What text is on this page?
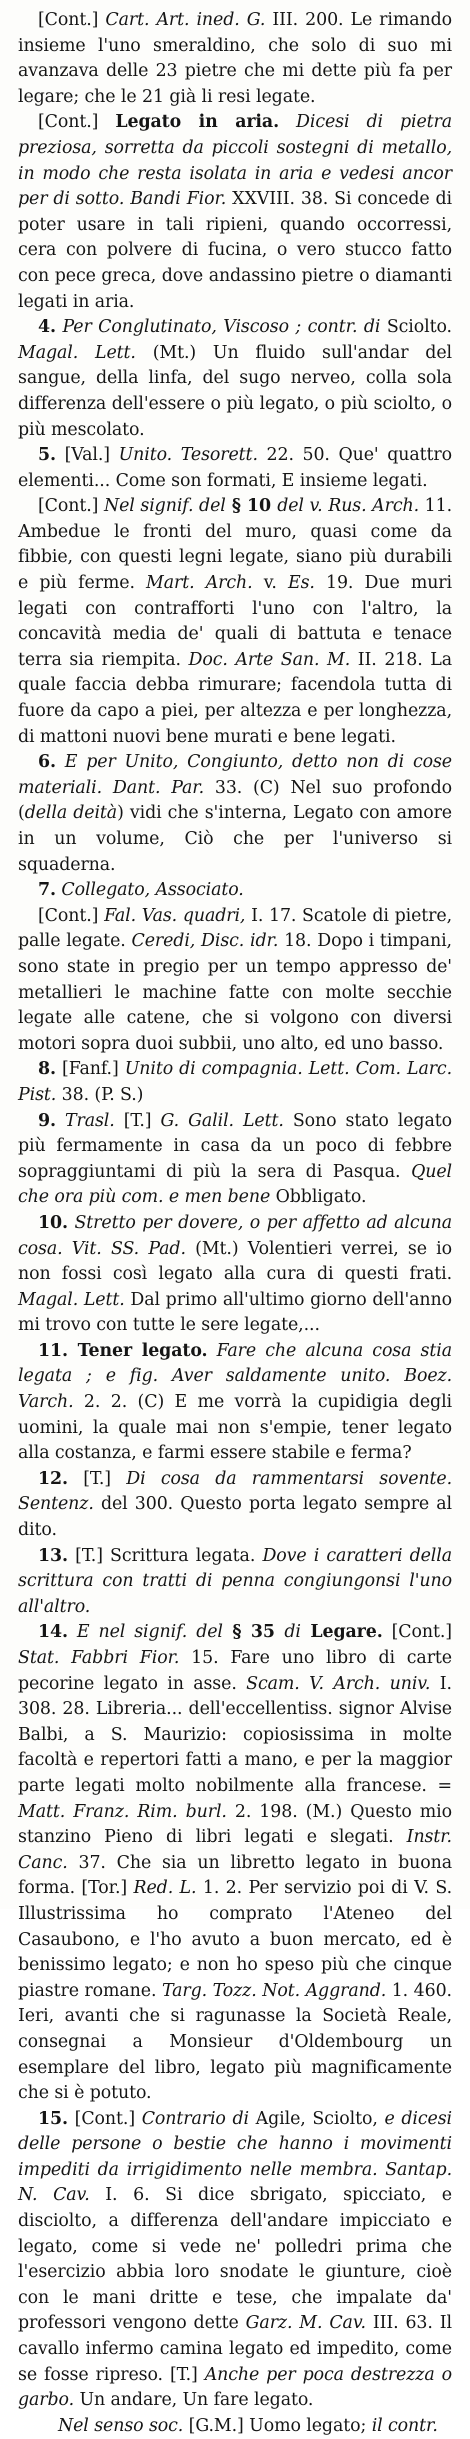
[Cont.] Cart. Art. ined. G. III. 200. Le rimando insieme l'uno smeraldino, che solo di suo mi avanzava delle 23 pietre che mi dette più fa per legare; che le 21 già li resi legate.

[Cont.] Legato in aria. Dicesi di pietra preziosa, sorretta da piccoli sostegni di metallo, in modo che resta isolata in aria e vedesi ancor per di sotto. Bandi Fior. XXVIII. 38. Si concede di poter usare in tali ripieni, quando occorressi, cera con polvere di fucina, o vero stucco fatto con pece greca, dove andassino pietre o diamanti legati in aria.

4. Per Conglutinato, Viscoso ; contr. di Sciolto. Magal. Lett. (Mt.) Un fluido sull'andar del sangue, della linfa, del sugo nerveo, colla sola differenza dell'essere o più legato, o più sciolto, o più mescolato.

5. [Val.] Unito. Tesorett. 22. 50. Que' quattro elementi... Come son formati, E insieme legati.

[Cont.] Nel signif. del § 10 del v. Rus. Arch. 11. Ambedue le fronti del muro, quasi come da fibbie, con questi legni legate, siano più durabili e più ferme. Mart. Arch. v. Es. 19. Due muri legati con contrafforti l'uno con l'altro, la concavità media de' quali di battuta e tenace terra sia riempita. Doc. Arte San. M. II. 218. La quale faccia debba rimurare; facendola tutta di fuore da capo a piei, per altezza e per longhezza, di mattoni nuovi bene murati e bene legati.

6. E per Unito, Congiunto, detto non di cose materiali. Dant. Par. 33. (C) Nel suo profondo (della deità) vidi che s'interna, Legato con amore in un volume, Ciò che per l'universo si squaderna.

7. Collegato, Associato.

[Cont.] Fal. Vas. quadri, I. 17. Scatole di pietre, palle legate. Ceredi, Disc. idr. 18. Dopo i timpani, sono state in pregio per un tempo appresso de' metallieri le machine fatte con molte secchie legate alle catene, che si volgono con diversi motori sopra duoi subbii, uno alto, ed uno basso.

8. [Fanf.] Unito di compagnia. Lett. Com. Larc. Pist. 38. (P. S.)

9. Trasl. [T.] G. Galil. Lett. Sono stato legato più fermamente in casa da un poco di febbre sopraggiuntami di più la sera di Pasqua. Quel che ora più com. e men bene Obbligato.

10. Stretto per dovere, o per affetto ad alcuna cosa. Vit. SS. Pad. (Mt.) Volentieri verrei, se io non fossi così legato alla cura di questi frati. Magal. Lett. Dal primo all'ultimo giorno dell'anno mi trovo con tutte le sere legate,...

11. Tener legato. Fare che alcuna cosa stia legata ; e fig. Aver saldamente unito. Boez. Varch. 2. 2. (C) E me vorrà la cupidigia degli uomini, la quale mai non s'empie, tener legato alla costanza, e farmi essere stabile e ferma?

12. [T.] Di cosa da rammentarsi sovente. Sentenz. del 300. Questo porta legato sempre al dito.

13. [T.] Scrittura legata. Dove i caratteri della scrittura con tratti di penna congiungonsi l'uno all'altro.

14. E nel signif. del § 35 di Legare. [Cont.] Stat. Fabbri Fior. 15. Fare uno libro di carte pecorine legato in asse. Scam. V. Arch. univ. I. 308. 28. Libreria... dell'eccellentiss. signor Alvise Balbi, a S. Maurizio: copiosissima in molte facoltà e repertori fatti a mano, e per la maggior parte legati molto nobilmente alla francese. = Matt. Franz. Rim. burl. 2. 198. (M.) Questo mio stanzino Pieno di libri legati e slegati. Instr. Canc. 37. Che sia un libretto legato in buona forma. [Tor.] Red. L. 1. 2. Per servizio poi di V. S. Illustrissima ho comprato l'Ateneo del Casaubono, e l'ho avuto a buon mercato, ed è benissimo legato; e non ho speso più che cinque piastre romane. Targ. Tozz. Not. Aggrand. 1. 460. Ieri, avanti che si ragunasse la Società Reale, consegnai a Monsieur d'Oldembourg un esemplare del libro, legato più magnificamente che si è potuto.

15. [Cont.] Contrario di Agile, Sciolto, e dicesi delle persone o bestie che hanno i movimenti impediti da irrigidimento nelle membra. Santap. N. Cav. I. 6. Si dice sbrigato, spicciato, e disciolto, a differenza dell'andare impicciato e legato, come si vede ne' polledri prima che l'esercizio abbia loro snodate le giunture, cioè con le mani dritte e tese, che impalate da' professori vengono dette Garz. M. Cav. III. 63. Il cavallo infermo camina legato ed impedito, come se fosse ripreso. [T.] Anche per poca destrezza o garbo. Un andare, Un fare legato.

Nel senso soc. [G.M.] Uomo legato; il contr.
